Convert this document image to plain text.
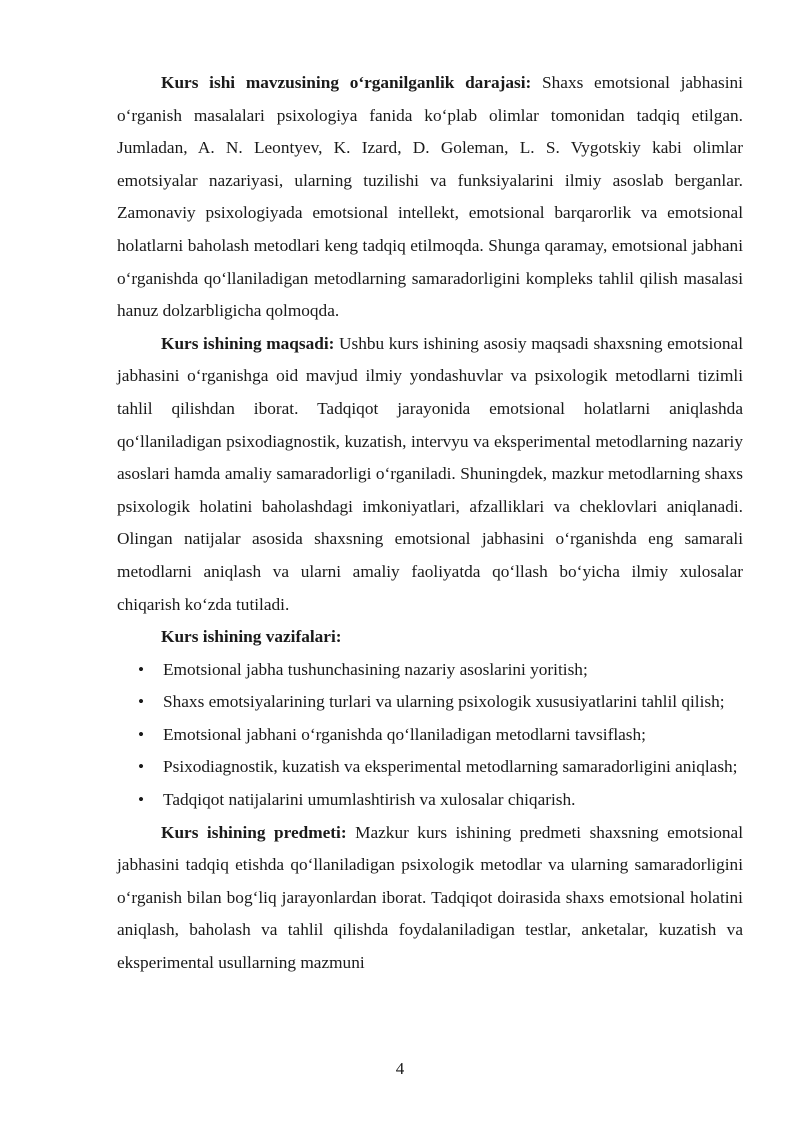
Kurs ishi mavzusining o‘rganilganlik darajasi: Shaxs emotsional jabhasini o‘rganish masalalari psixologiya fanida ko‘plab olimlar tomonidan tadqiq etilgan. Jumladan, A. N. Leontyev, K. Izard, D. Goleman, L. S. Vygotskiy kabi olimlar emotsiyalar nazariyasi, ularning tuzilishi va funksiyalarini ilmiy asoslab berganlar. Zamonaviy psixologiyada emotsional intellekt, emotsional barqarorlik va emotsional holatlarni baholash metodlari keng tadqiq etilmoqda. Shunga qaramay, emotsional jabhani o‘rganishda qo‘llaniladigan metodlarning samaradorligini kompleks tahlil qilish masalasi hanuz dolzarbligicha qolmoqda.

Kurs ishining maqsadi: Ushbu kurs ishining asosiy maqsadi shaxsning emotsional jabhasini o‘rganishga oid mavjud ilmiy yondashuvlar va psixologik metodlarni tizimli tahlil qilishdan iborat. Tadqiqot jarayonida emotsional holatlarni aniqlashda qo‘llaniladigan psixodiagnostik, kuzatish, intervyu va eksperimental metodlarning nazariy asoslari hamda amaliy samaradorligi o‘rganiladi. Shuningdek, mazkur metodlarning shaxs psixologik holatini baholashdagi imkoniyatlari, afzalliklari va cheklovlari aniqlanadi. Olingan natijalar asosida shaxsning emotsional jabhasini o‘rganishda eng samarali metodlarni aniqlash va ularni amaliy faoliyatda qo‘llash bo‘yicha ilmiy xulosalar chiqarish ko‘zda tutiladi.

Kurs ishining vazifalari:

• Emotsional jabha tushunchasining nazariy asoslarini yoritish;
• Shaxs emotsiyalarining turlari va ularning psixologik xususiyatlarini tahlil qilish;
• Emotsional jabhani o‘rganishda qo‘llaniladigan metodlarni tavsiflash;
• Psixodiagnostik, kuzatish va eksperimental metodlarning samaradorligini aniqlash;
• Tadqiqot natijalarini umumlashtirish va xulosalar chiqarish.

Kurs ishining predmeti: Mazkur kurs ishining predmeti shaxsning emotsional jabhasini tadqiq etishda qo‘llaniladigan psixologik metodlar va ularning samaradorligini o‘rganish bilan bog‘liq jarayonlardan iborat. Tadqiqot doirasida shaxs emotsional holatini aniqlash, baholash va tahlil qilishda foydalaniladigan testlar, anketalar, kuzatish va eksperimental usullarning mazmuni

4
